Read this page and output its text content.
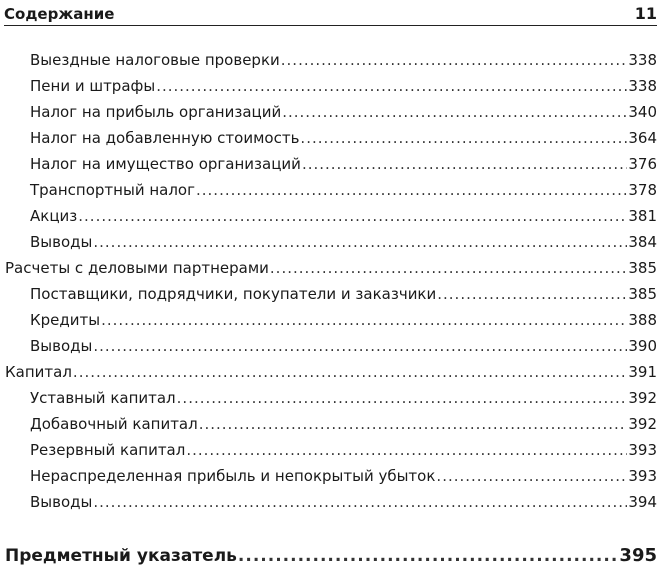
Содержание	11
Выездные налоговые проверки .....	338
Пени и штрафы .....	338
Налог на прибыль организаций .....	340
Налог на добавленную стоимость .....	364
Налог на имущество организаций .....	376
Транспортный налог .....	378
Акциз .....	381
Выводы .....	384
Расчеты с деловыми партнерами .....	385
Поставщики, подрядчики, покупатели и заказчики .....	385
Кредиты .....	388
Выводы .....	390
Капитал .....	391
Уставный капитал .....	392
Добавочный капитал .....	392
Резервный капитал .....	393
Нераспределенная прибыль и непокрытый убыток .....	393
Выводы .....	394
Предметный указатель .....	395
